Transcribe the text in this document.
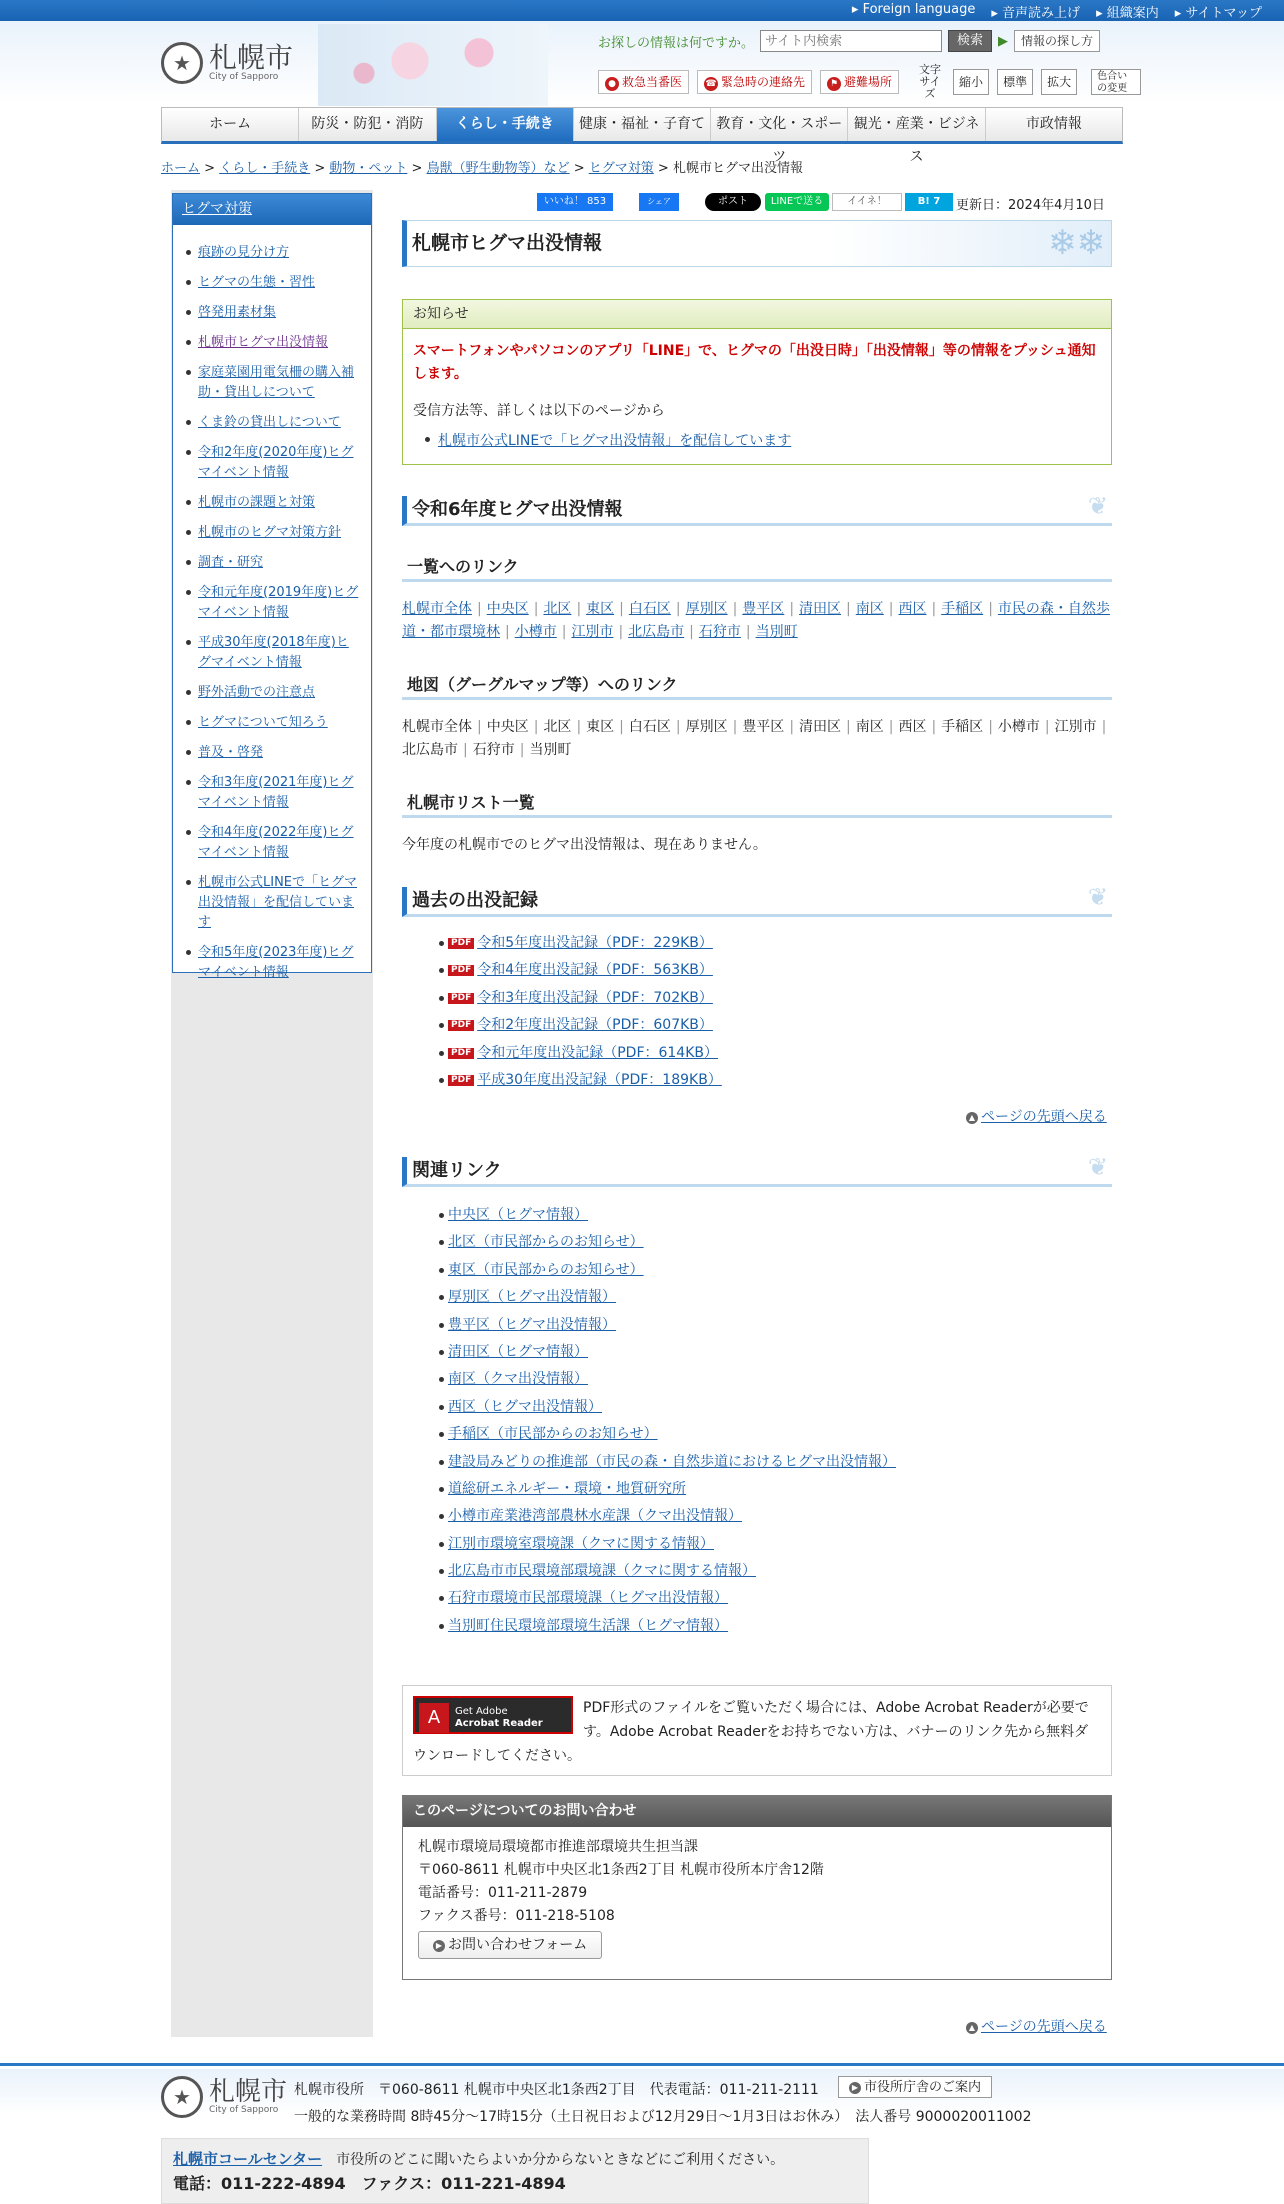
▸ Foreign language ▸ 音声読み上げ ▸ 組織案内 ▸ サイトマップ
★ 札幌市
City of Sapporo
お探しの情報は何ですか。
サイト内検索	検索	▶	情報の探し方
● 救急当番医	☎ 緊急時の連絡先	⚑ 避難場所
文字サイズ
縮小	標準	拡大	色合いの変更
ホーム	防災・防犯・消防	くらし・手続き	健康・福祉・子育て 教育・文化・スポーツ
観光・産業・ビジネス
市政情報
ホーム > くらし・手続き > 動物・ペット > 鳥獣（野生動物等）など > ヒグマ対策 > 札幌市ヒグマ出没情報
ヒグマ対策
痕跡の見分け方
ヒグマの生態・習性
啓発用素材集
札幌市ヒグマ出没情報
家庭菜園用電気柵の購入補助・貸出しについて
くま鈴の貸出しについて
令和2年度(2020年度)ヒグマイベント情報
札幌市の課題と対策
札幌市のヒグマ対策方針
調査・研究
令和元年度(2019年度)ヒグマイベント情報
平成30年度(2018年度)ヒグマイベント情報
野外活動での注意点
ヒグマについて知ろう
普及・啓発
令和3年度(2021年度)ヒグマイベント情報
令和4年度(2022年度)ヒグマイベント情報
札幌市公式LINEで「ヒグマ出没情報」を配信しています
令和5年度(2023年度)ヒグマイベント情報
いいね！ 853	シェア	ポスト	LINEで送る	イイネ！	B! 7	更新日：2024年4月10日
札幌市ヒグマ出没情報	❄❄
お知らせ
スマートフォンやパソコンのアプリ「LINE」で、ヒグマの「出没日時」「出没情報」等の情報をプッシュ通知します。

受信方法等、詳しくは以下のページから

札幌市公式LINEで「ヒグマ出没情報」を配信しています
令和6年度ヒグマ出没情報	❦
一覧へのリンク
札幌市全体 | 中央区 | 北区 | 東区 | 白石区 | 厚別区 | 豊平区 | 清田区 | 南区 | 西区 | 手稲区 | 市民の森・自然歩道・都市環境林 | 小樽市 | 江別市 | 北広島市 | 石狩市 | 当別町
地図（グーグルマップ等）へのリンク
札幌市全体 | 中央区 | 北区 | 東区 | 白石区 | 厚別区 | 豊平区 | 清田区 | 南区 | 西区 | 手稲区 | 小樽市 | 江別市 |北広島市 | 石狩市 | 当別町
札幌市リスト一覧
今年度の札幌市でのヒグマ出没情報は、現在ありません。
過去の出没記録	❦
PDF 令和5年度出没記録（PDF：229KB）
PDF 令和4年度出没記録（PDF：563KB）
PDF 令和3年度出没記録（PDF：702KB）
PDF 令和2年度出没記録（PDF：607KB）
PDF 令和元年度出没記録（PDF：614KB）
PDF 平成30年度出没記録（PDF：189KB）
▲ ページの先頭へ戻る
関連リンク	❦
中央区（ヒグマ情報）
北区（市民部からのお知らせ）
東区（市民部からのお知らせ）
厚別区（ヒグマ出没情報）
豊平区（ヒグマ出没情報）
清田区（ヒグマ情報）
南区（クマ出没情報）
西区（ヒグマ出没情報）
手稲区（市民部からのお知らせ）
建設局みどりの推進部（市民の森・自然歩道におけるヒグマ出没情報）
道総研エネルギー・環境・地質研究所
小樽市産業港湾部農林水産課（クマ出没情報）
江別市環境室環境課（クマに関する情報）
北広島市市民環境部環境課（クマに関する情報）
石狩市環境市民部環境課（ヒグマ出没情報）
当別町住民環境部環境生活課（ヒグマ情報）
A	Get Adobe
Acrobat Reader
PDF形式のファイルをご覧いただく場合には、Adobe Acrobat Readerが必要です。Adobe Acrobat Readerをお持ちでない方は、バナーのリンク先から無料ダウンロードしてください。
このページについてのお問い合わせ
札幌市環境局環境都市推進部環境共生担当課
〒060-8611 札幌市中央区北1条西2丁目 札幌市役所本庁舎12階
電話番号：011-211-2879
ファクス番号：011-218-5108
▶ お問い合わせフォーム
▲ ページの先頭へ戻る
★ 札幌市
City of Sapporo
札幌市役所　〒060-8611 札幌市中央区北1条西2丁目　代表電話：011-211-2111	▶ 市役所庁舎のご案内
一般的な業務時間 8時45分～17時15分（土日祝日および12月29日～1月3日はお休み）　法人番号 9000020011002
札幌市コールセンター　 市役所のどこに聞いたらよいか分からないときなどにご利用ください。
電話：011-222-4894　ファクス：011-221-4894
